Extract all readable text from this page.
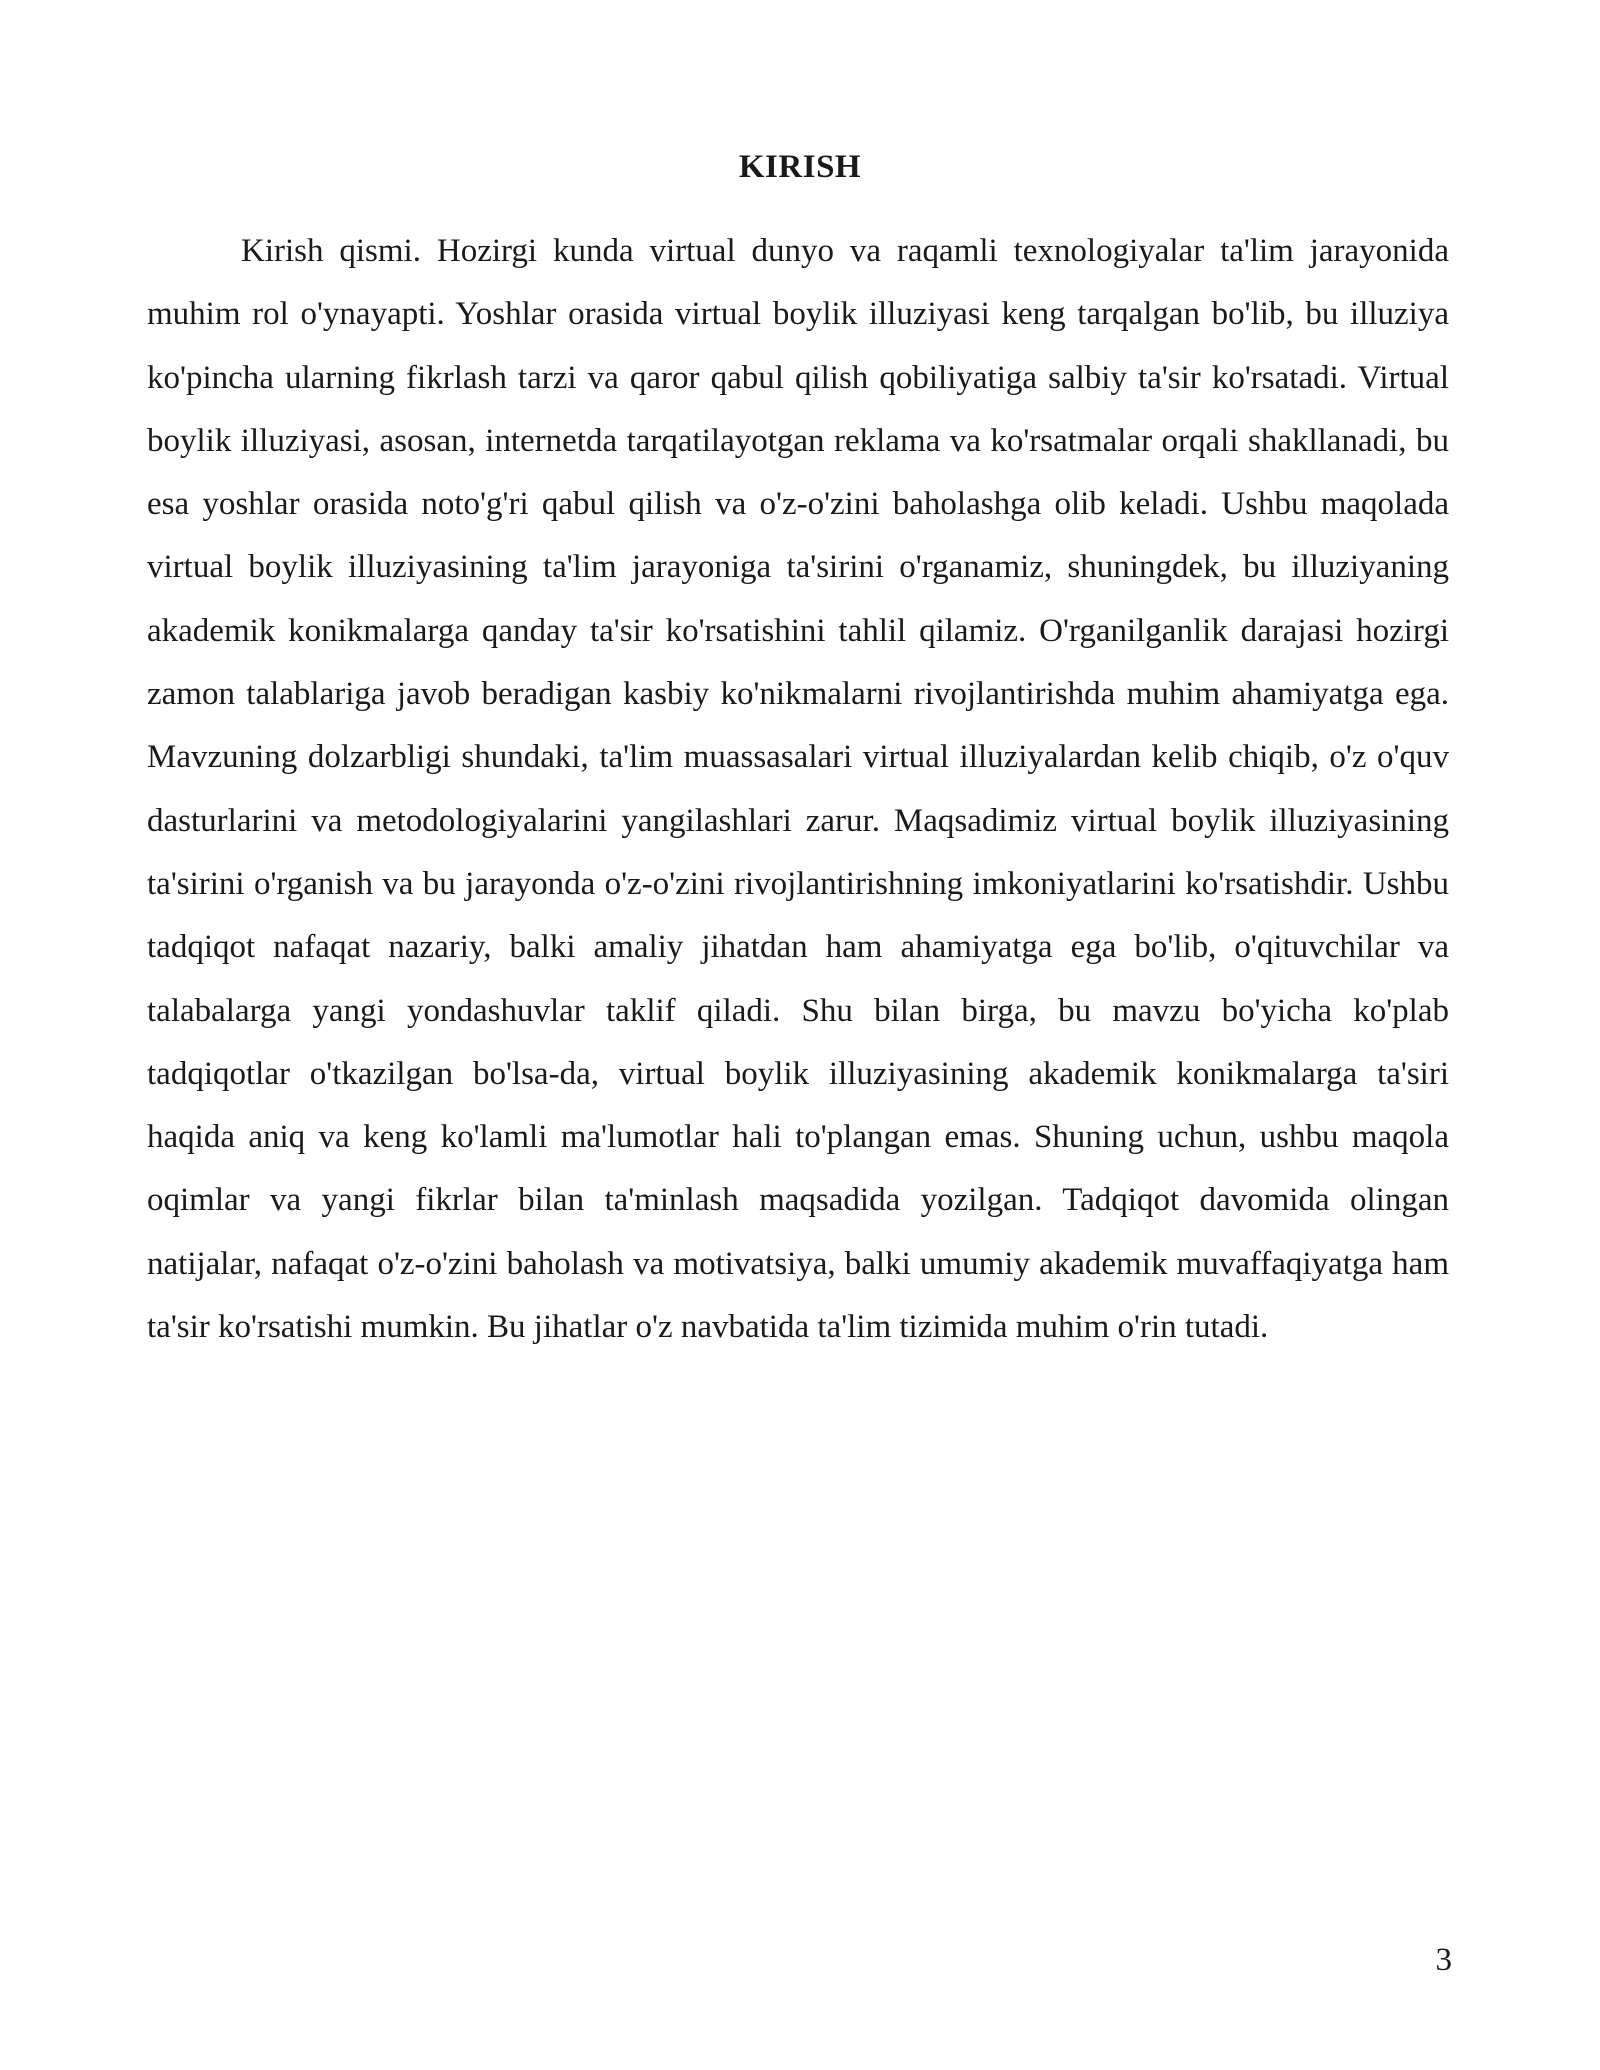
KIRISH

Kirish qismi. Hozirgi kunda virtual dunyo va raqamli texnologiyalar ta'lim jarayonida muhim rol o'ynayapti. Yoshlar orasida virtual boylik illuziyasi keng tarqalgan bo'lib, bu illuziya ko'pincha ularning fikrlash tarzi va qaror qabul qilish qobiliyatiga salbiy ta'sir ko'rsatadi. Virtual boylik illuziyasi, asosan, internetda tarqatilayotgan reklama va ko'rsatmalar orqali shakllanadi, bu esa yoshlar orasida noto'g'ri qabul qilish va o'z-o'zini baholashga olib keladi. Ushbu maqolada virtual boylik illuziyasining ta'lim jarayoniga ta'sirini o'rganamiz, shuningdek, bu illuziyaning akademik konikmalarga qanday ta'sir ko'rsatishini tahlil qilamiz. O'rganilganlik darajasi hozirgi zamon talablariga javob beradigan kasbiy ko'nikmalarni rivojlantirishda muhim ahamiyatga ega. Mavzuning dolzarbligi shundaki, ta'lim muassasalari virtual illuziyalardan kelib chiqib, o'z o'quv dasturlarini va metodologiyalarini yangilashlari zarur. Maqsadimiz virtual boylik illuziyasining ta'sirini o'rganish va bu jarayonda o'z-o'zini rivojlantirishning imkoniyatlarini ko'rsatishdir. Ushbu tadqiqot nafaqat nazariy, balki amaliy jihatdan ham ahamiyatga ega bo'lib, o'qituvchilar va talabalarga yangi yondashuvlar taklif qiladi. Shu bilan birga, bu mavzu bo'yicha ko'plab tadqiqotlar o'tkazilgan bo'lsa-da, virtual boylik illuziyasining akademik konikmalarga ta'siri haqida aniq va keng ko'lamli ma'lumotlar hali to'plangan emas. Shuning uchun, ushbu maqola oqimlar va yangi fikrlar bilan ta'minlash maqsadida yozilgan. Tadqiqot davomida olingan natijalar, nafaqat o'z-o'zini baholash va motivatsiya, balki umumiy akademik muvaffaqiyatga ham ta'sir ko'rsatishi mumkin. Bu jihatlar o'z navbatida ta'lim tizimida muhim o'rin tutadi.

3
